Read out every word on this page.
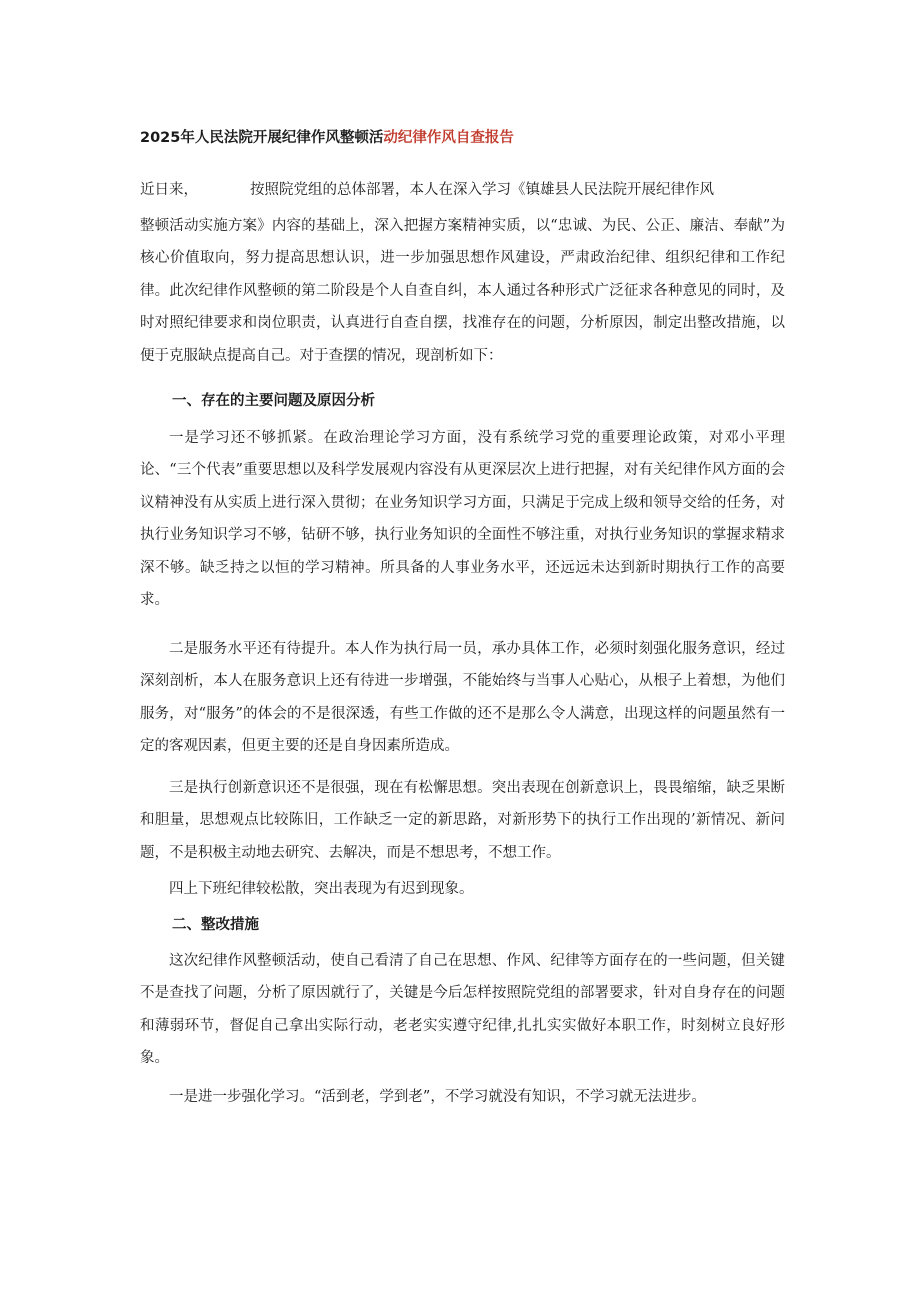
2025年人民法院开展纪律作风整顿活动纪律作风自查报告
近日来，	按照院党组的总体部署，本人在深入学习《镇雄县人民法院开展纪律作风

整顿活动实施方案》内容的基础上，深入把握方案精神实质，以“忠诚、为民、公正、廉洁、奉献”为核心价值取向，努力提高思想认识，进一步加强思想作风建设，严肃政治纪律、组织纪律和工作纪律。此次纪律作风整顿的第二阶段是个人自查自纠，本人通过各种形式广泛征求各种意见的同时，及时对照纪律要求和岗位职责，认真进行自查自摆，找准存在的问题，分析原因，制定出整改措施，以便于克服缺点提高自己。对于查摆的情况，现剖析如下：

一、存在的主要问题及原因分析

一是学习还不够抓紧。在政治理论学习方面，没有系统学习党的重要理论政策，对邓小平理论、“三个代表”重要思想以及科学发展观内容没有从更深层次上进行把握，对有关纪律作风方面的会议精神没有从实质上进行深入贯彻；在业务知识学习方面，只满足于完成上级和领导交给的任务，对执行业务知识学习不够，钻研不够，执行业务知识的全面性不够注重，对执行业务知识的掌握求精求深不够。缺乏持之以恒的学习精神。所具备的人事业务水平，还远远未达到新时期执行工作的高要求。

二是服务水平还有待提升。本人作为执行局一员，承办具体工作，必须时刻强化服务意识，经过深刻剖析，本人在服务意识上还有待进一步增强，不能始终与当事人心贴心，从根子上着想，为他们服务，对“服务”的体会的不是很深透，有些工作做的还不是那么令人满意，出现这样的问题虽然有一定的客观因素，但更主要的还是自身因素所造成。

三是执行创新意识还不是很强，现在有松懈思想。突出表现在创新意识上，畏畏缩缩，缺乏果断和胆量，思想观点比较陈旧，工作缺乏一定的新思路，对新形势下的执行工作出现的’新情况、新问题，不是积极主动地去研究、去解决，而是不想思考，不想工作。

四上下班纪律较松散，突出表现为有迟到现象。

二、整改措施

这次纪律作风整顿活动，使自己看清了自己在思想、作风、纪律等方面存在的一些问题，但关键不是查找了问题，分析了原因就行了，关键是今后怎样按照院党组的部署要求，针对自身存在的问题和薄弱环节，督促自己拿出实际行动，老老实实遵守纪律,扎扎实实做好本职工作，时刻树立良好形象。

一是进一步强化学习。“活到老，学到老”，不学习就没有知识，不学习就无法进步。
